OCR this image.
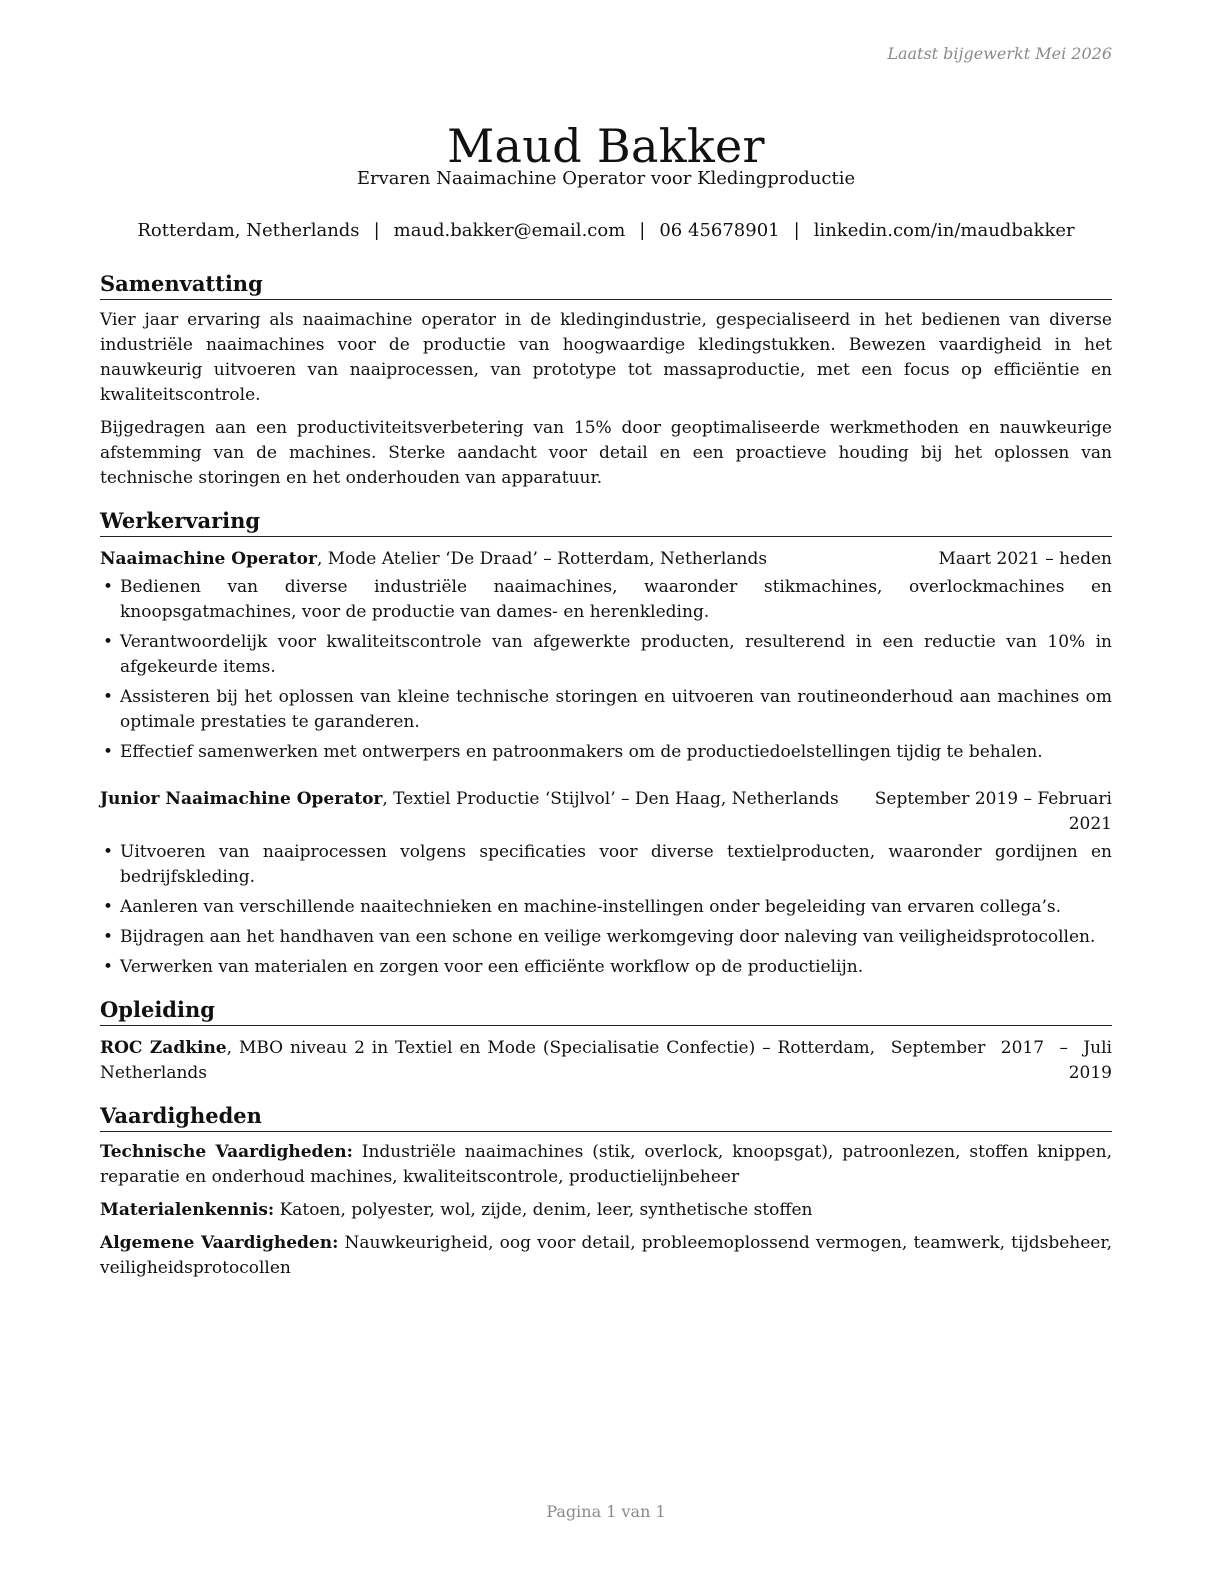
Laatst bijgewerkt Mei 2026
Maud Bakker
Ervaren Naaimachine Operator voor Kledingproductie
Rotterdam, Netherlands | maud.bakker@email.com | 06 45678901 | linkedin.com/in/maudbakker
Samenvatting

Vier jaar ervaring als naaimachine operator in de kledingindustrie, gespecialiseerd in het bedienen van diverse industriële naaimachines voor de productie van hoogwaardige kledingstukken. Bewezen vaardigheid in het nauwkeurig uitvoeren van naaiprocessen, van prototype tot massaproductie, met een focus op efficiëntie en kwaliteitscontrole.

Bijgedragen aan een productiviteitsverbetering van 15% door geoptimaliseerde werkmethoden en nauwkeurige afstemming van de machines. Sterke aandacht voor detail en een proactieve houding bij het oplossen van technische storingen en het onderhouden van apparatuur.

Werkervaring
Naaimachine Operator, Mode Atelier ‘De Draad’ – Rotterdam, Netherlands	Maart 2021 – heden
• Bedienen van diverse industriële naaimachines, waaronder stikmachines, overlockmachines en knoopsgatmachines, voor de productie van dames- en herenkleding.
• Verantwoordelijk voor kwaliteitscontrole van afgewerkte producten, resulterend in een reductie van 10% in afgekeurde items.
• Assisteren bij het oplossen van kleine technische storingen en uitvoeren van routineonderhoud aan machines om optimale prestaties te garanderen.
• Effectief samenwerken met ontwerpers en patroonmakers om de productiedoelstellingen tijdig te behalen.
Junior Naaimachine Operator, Textiel Productie ‘Stijlvol’ – Den Haag, Netherlands	September 2019 – Februari 2021
• Uitvoeren van naaiprocessen volgens specificaties voor diverse textielproducten, waaronder gordijnen en bedrijfskleding.
• Aanleren van verschillende naaitechnieken en machine-instellingen onder begeleiding van ervaren collega’s.
• Bijdragen aan het handhaven van een schone en veilige werkomgeving door naleving van veiligheidsprotocollen.
• Verwerken van materialen en zorgen voor een efficiënte workflow op de productielijn.
Opleiding
ROC Zadkine, MBO niveau 2 in Textiel en Mode (Specialisatie Confectie) – Rotterdam, Netherlands
September 2017 – Juli 2019
Vaardigheden

Technische Vaardigheden: Industriële naaimachines (stik, overlock, knoopsgat), patroonlezen, stoffen knippen, reparatie en onderhoud machines, kwaliteitscontrole, productielijnbeheer

Materialenkennis: Katoen, polyester, wol, zijde, denim, leer, synthetische stoffen

Algemene Vaardigheden: Nauwkeurigheid, oog voor detail, probleemoplossend vermogen, teamwerk, tijdsbeheer, veiligheidsprotocollen

Pagina 1 van 1
